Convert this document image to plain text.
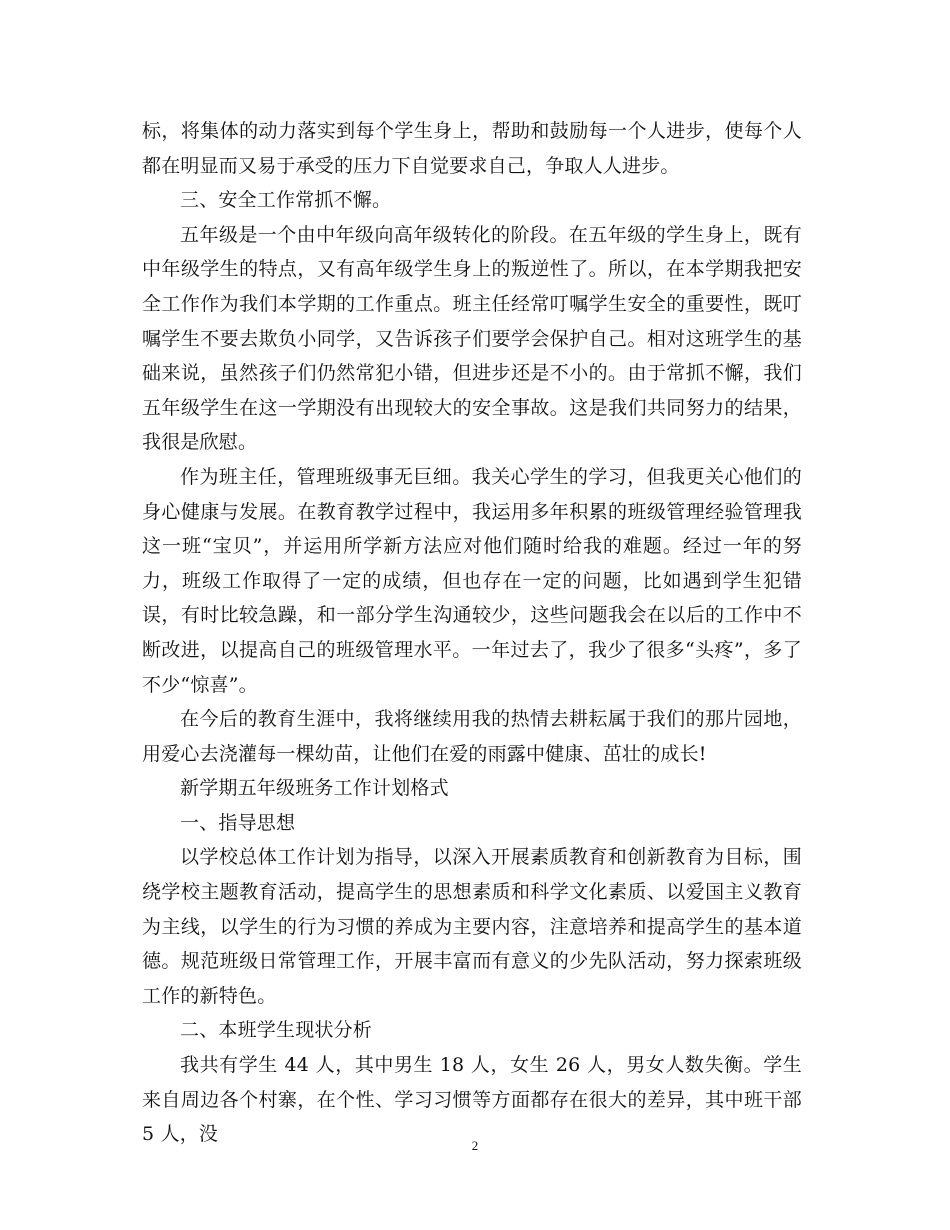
标，将集体的动力落实到每个学生身上，帮助和鼓励每一个人进步，使每个人都在明显而又易于承受的压力下自觉要求自己，争取人人进步。

三、安全工作常抓不懈。

五年级是一个由中年级向高年级转化的阶段。在五年级的学生身上，既有中年级学生的特点，又有高年级学生身上的叛逆性了。所以，在本学期我把安全工作作为我们本学期的工作重点。班主任经常叮嘱学生安全的重要性，既叮嘱学生不要去欺负小同学，又告诉孩子们要学会保护自己。相对这班学生的基础来说，虽然孩子们仍然常犯小错，但进步还是不小的。由于常抓不懈，我们五年级学生在这一学期没有出现较大的安全事故。这是我们共同努力的结果，我很是欣慰。

作为班主任，管理班级事无巨细。我关心学生的学习，但我更关心他们的身心健康与发展。在教育教学过程中，我运用多年积累的班级管理经验管理我这一班“宝贝”，并运用所学新方法应对他们随时给我的难题。经过一年的努力，班级工作取得了一定的成绩，但也存在一定的问题，比如遇到学生犯错误，有时比较急躁，和一部分学生沟通较少，这些问题我会在以后的工作中不断改进，以提高自己的班级管理水平。一年过去了，我少了很多“头疼”，多了不少“惊喜”。

在今后的教育生涯中，我将继续用我的热情去耕耘属于我们的那片园地，用爱心去浇灌每一棵幼苗，让他们在爱的雨露中健康、茁壮的成长!

新学期五年级班务工作计划格式

一、指导思想

以学校总体工作计划为指导，以深入开展素质教育和创新教育为目标，围绕学校主题教育活动，提高学生的思想素质和科学文化素质、以爱国主义教育为主线，以学生的行为习惯的养成为主要内容，注意培养和提高学生的基本道德。规范班级日常管理工作，开展丰富而有意义的少先队活动，努力探索班级工作的新特色。

二、本班学生现状分析

我共有学生 44 人，其中男生 18 人，女生 26 人，男女人数失衡。学生来自周边各个村寨，在个性、学习习惯等方面都存在很大的差异，其中班干部 5 人，没

2
